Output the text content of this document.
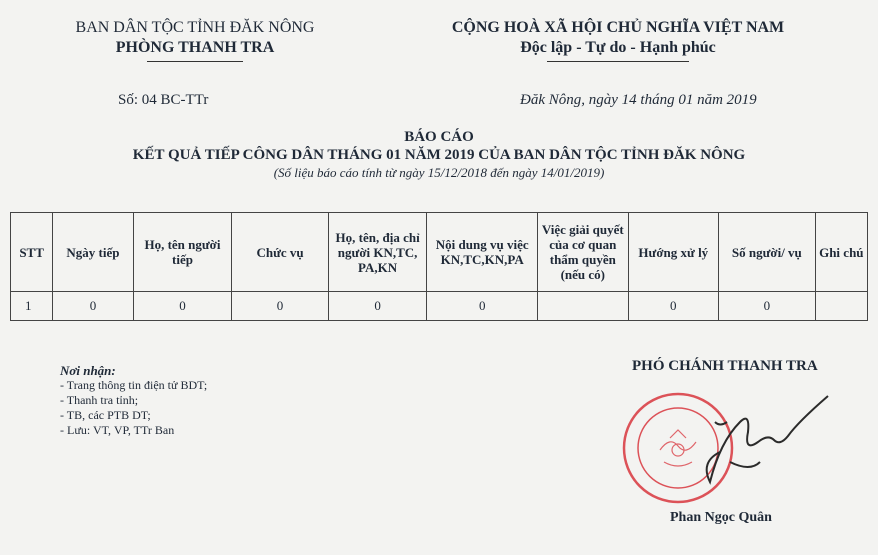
BAN DÂN TỘC TỈNH ĐĂK NÔNG
PHÒNG THANH TRA
CỘNG HOÀ XÃ HỘI CHỦ NGHĨA VIỆT NAM
Độc lập - Tự do - Hạnh phúc
Số: 04 BC-TTr	Đăk Nông, ngày 14 tháng 01 năm 2019
BÁO CÁO
KẾT QUẢ TIẾP CÔNG DÂN THÁNG 01 NĂM 2019 CỦA BAN DÂN TỘC TỈNH ĐĂK NÔNG
(Số liệu báo cáo tính từ ngày 15/12/2018 đến ngày 14/01/2019)
STT	Ngày tiếp	Họ, tên người tiếp	Chức vụ	Họ, tên, địa chỉ người KN,TC, PA,KN	Nội dung vụ việc KN,TC,KN,PA	Việc giải quyết của cơ quan thẩm quyền (nếu có)	Hướng xử lý	Số người/ vụ	Ghi chú
1	0	0	0	0	0		0	0	
Nơi nhận:
- Trang thông tin điện tử BDT;
- Thanh tra tỉnh;
- TB, các PTB DT;
- Lưu: VT, VP, TTr Ban
PHÓ CHÁNH THANH TRA
Phan Ngọc Quân
